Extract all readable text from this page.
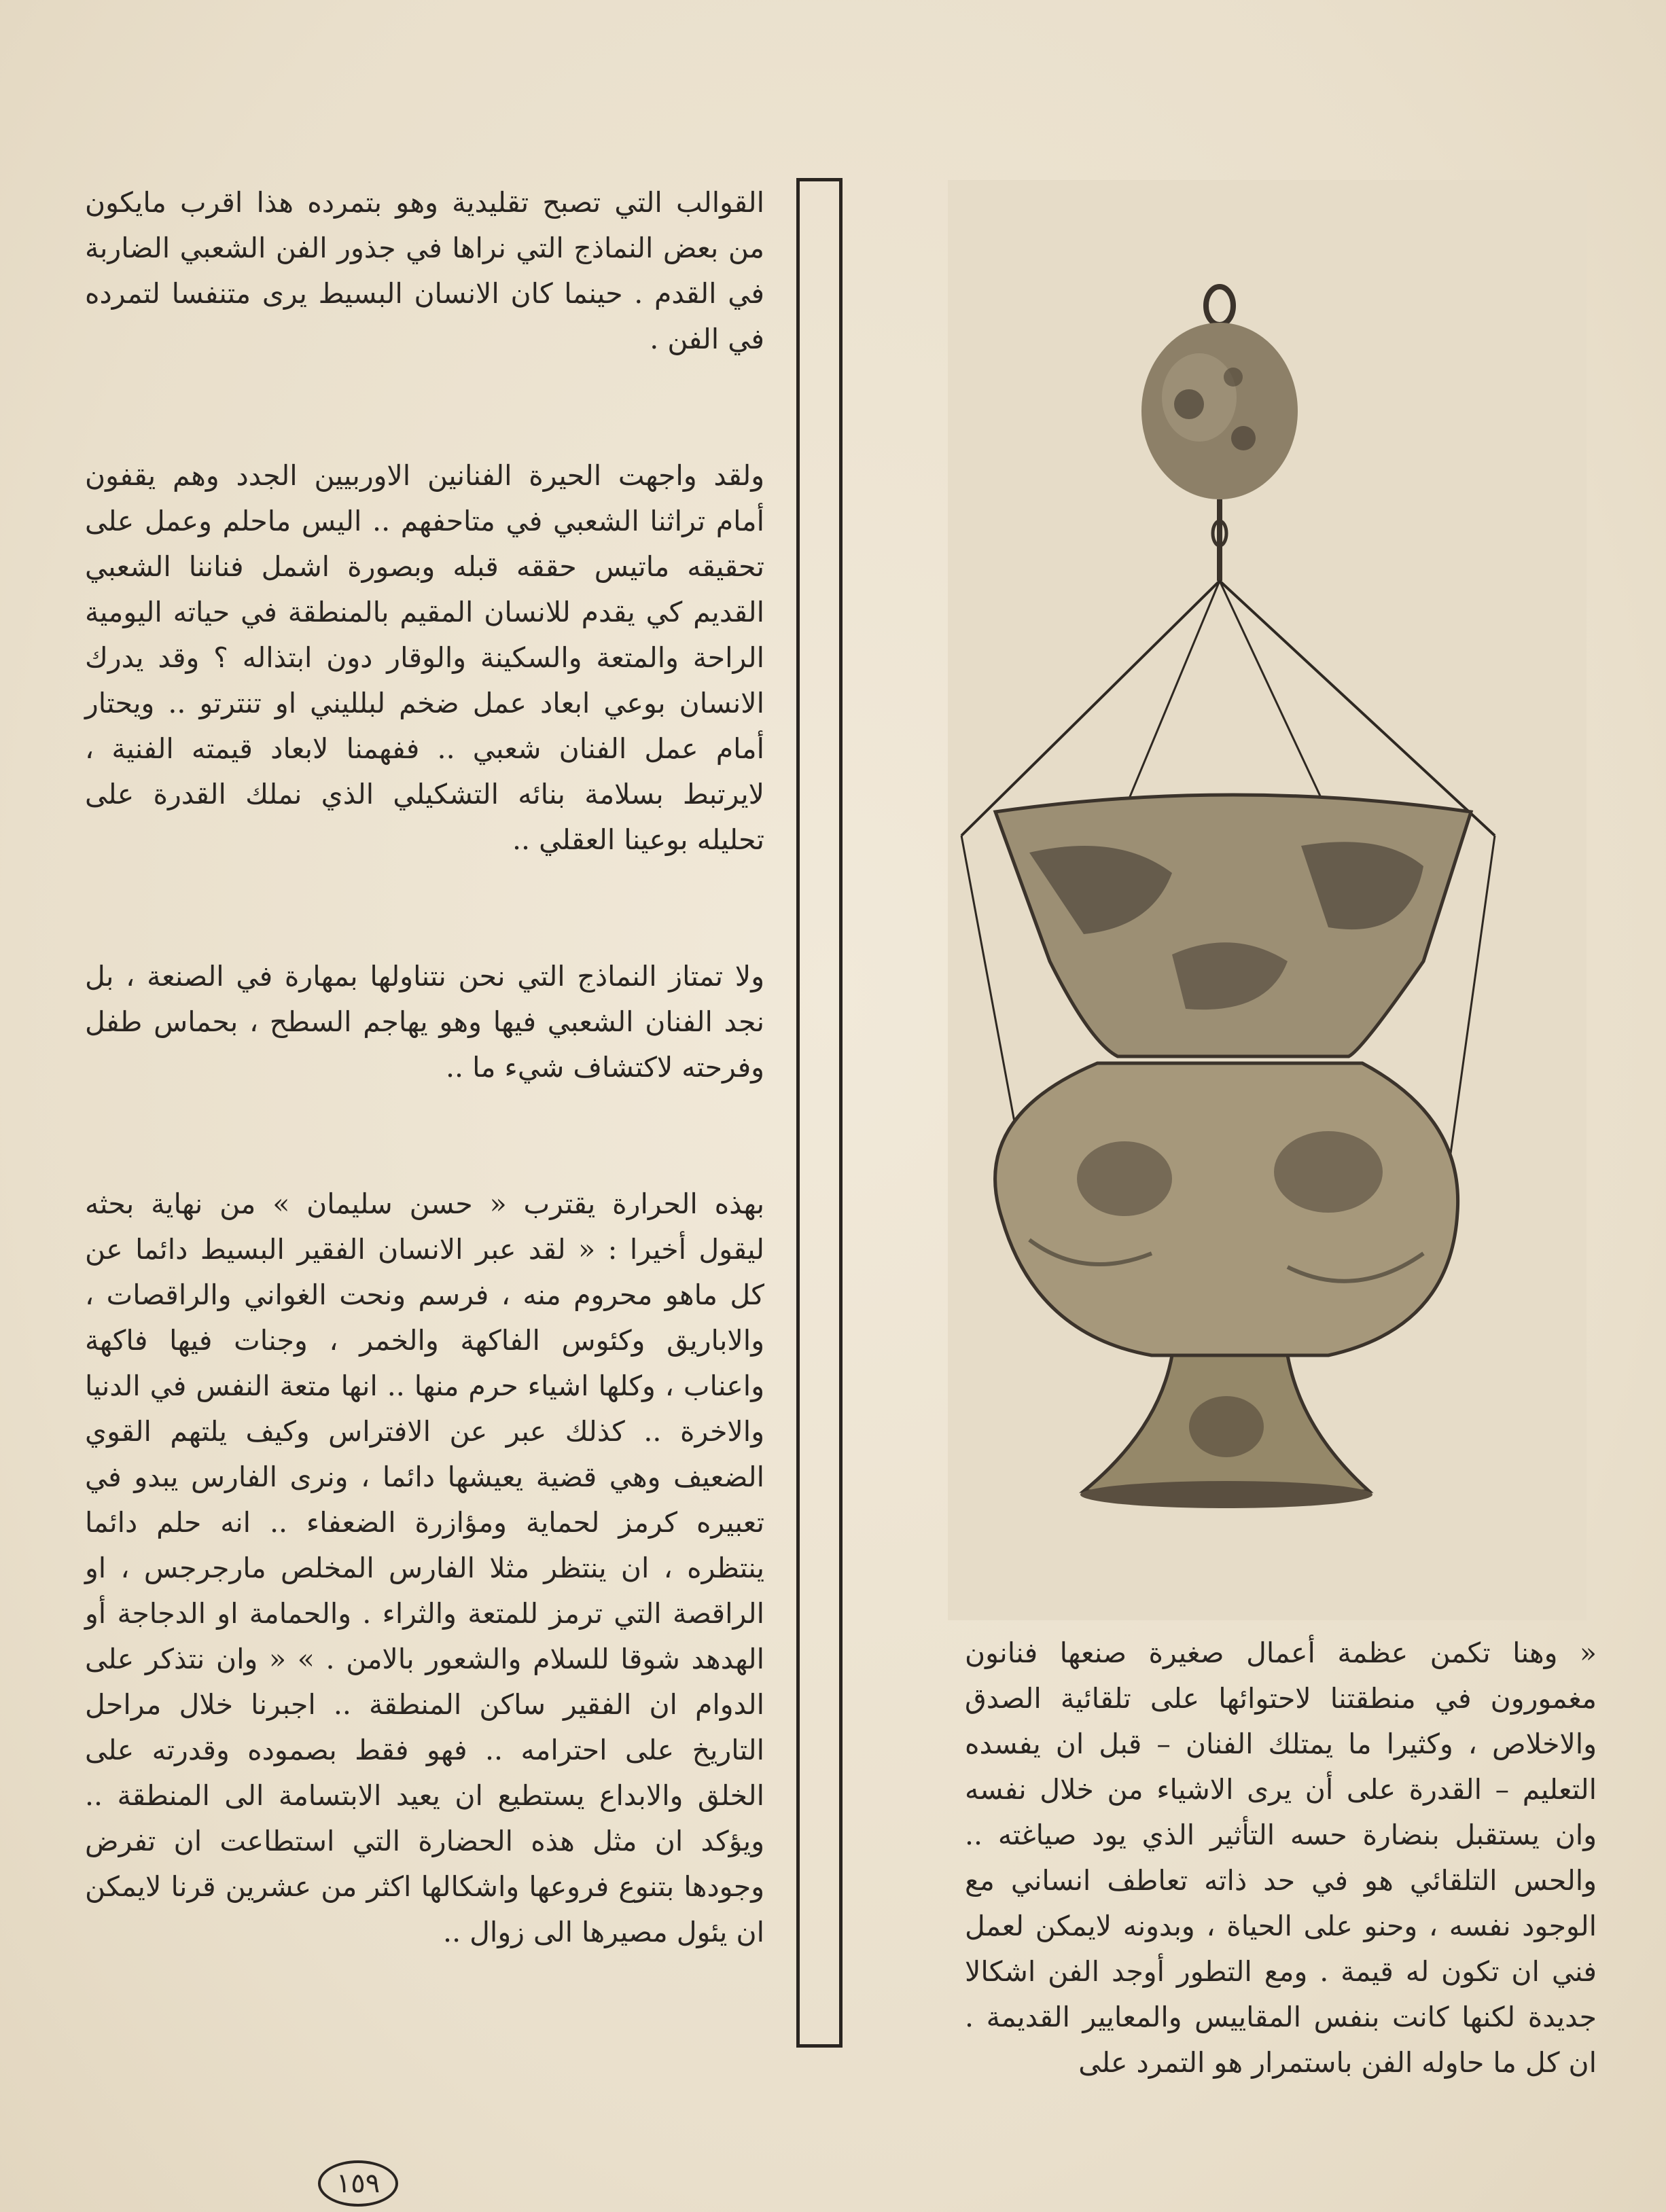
القوالب التي تصبح تقليدية وهو بتمرده هذا اقرب مايكون من بعض النماذج التي نراها في جذور الفن الشعبي الضاربة في القدم . حينما كان الانسان البسيط يرى متنفسا لتمرده في الفن .

ولقد واجهت الحيرة الفنانين الاوربيين الجدد وهم يقفون أمام تراثنا الشعبي في متاحفهم .. اليس ماحلم وعمل على تحقيقه ماتيس حققه قبله وبصورة اشمل فناننا الشعبي القديم كي يقدم للانسان المقيم بالمنطقة في حياته اليومية الراحة والمتعة والسكينة والوقار دون ابتذاله ؟ وقد يدرك الانسان بوعي ابعاد عمل ضخم لبلليني او تنترتو .. ويحتار أمام عمل الفنان شعبي .. ففهمنا لابعاد قيمته الفنية ، لايرتبط بسلامة بنائه التشكيلي الذي نملك القدرة على تحليله بوعينا العقلي ..

ولا تمتاز النماذج التي نحن نتناولها بمهارة في الصنعة ، بل نجد الفنان الشعبي فيها وهو يهاجم السطح ، بحماس طفل وفرحته لاكتشاف شيء ما ..

بهذه الحرارة يقترب « حسن سليمان » من نهاية بحثه ليقول أخيرا : « لقد عبر الانسان الفقير البسيط دائما عن كل ماهو محروم منه ، فرسم ونحت الغواني والراقصات ، والاباريق وكئوس الفاكهة والخمر ، وجنات فيها فاكهة واعناب ، وكلها اشياء حرم منها .. انها متعة النفس في الدنيا والاخرة .. كذلك عبر عن الافتراس وكيف يلتهم القوي الضعيف وهي قضية يعيشها دائما ، ونرى الفارس يبدو في تعبيره كرمز لحماية ومؤازرة الضعفاء .. انه حلم دائما ينتظره ، ان ينتظر مثلا الفارس المخلص مارجرجس ، او الراقصة التي ترمز للمتعة والثراء . والحمامة او الدجاجة أو الهدهد شوقا للسلام والشعور بالامن . » « وان نتذكر على الدوام ان الفقير ساكن المنطقة .. اجبرنا خلال مراحل التاريخ على احترامه .. فهو فقط بصموده وقدرته على الخلق والابداع يستطيع ان يعيد الابتسامة الى المنطقة .. ويؤكد ان مثل هذه الحضارة التي استطاعت ان تفرض وجودها بتنوع فروعها واشكالها اكثر من عشرين قرنا لايمكن ان يئول مصيرها الى زوال ..

« وهنا تكمن عظمة أعمال صغيرة صنعها فنانون مغمورون في منطقتنا لاحتوائها على تلقائية الصدق والاخلاص ، وكثيرا ما يمتلك الفنان – قبل ان يفسده التعليم – القدرة على أن يرى الاشياء من خلال نفسه وان يستقبل بنضارة حسه التأثير الذي يود صياغته .. والحس التلقائي هو في حد ذاته تعاطف انساني مع الوجود نفسه ، وحنو على الحياة ، وبدونه لايمكن لعمل فني ان تكون له قيمة . ومع التطور أوجد الفن اشكالا جديدة لكنها كانت بنفس المقاييس والمعايير القديمة . ان كل ما حاوله الفن باستمرار هو التمرد على

١٥٩
